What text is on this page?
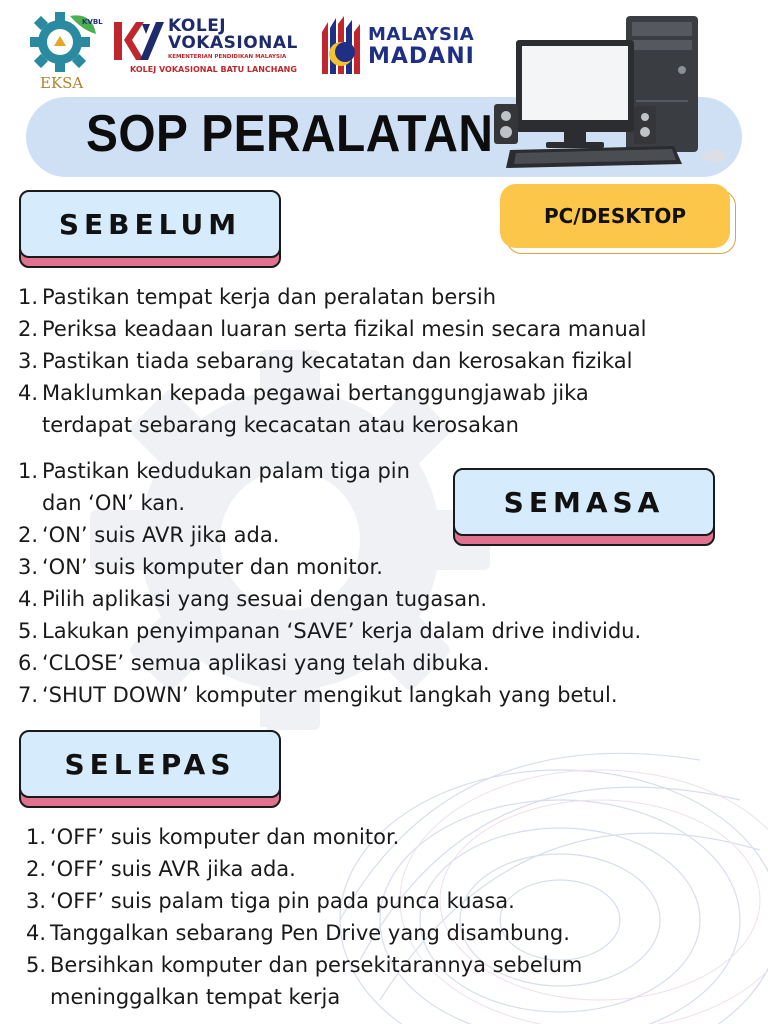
KVBL
EKSA
KOLEJ
VOKASIONAL
KEMENTERIAN PENDIDIKAN MALAYSIA
KOLEJ VOKASIONAL BATU LANCHANG
MALAYSIA
MADANI
SOP PERALATAN
SEBELUM	PC/DESKTOP
1. Pastikan tempat kerja dan peralatan bersih
2. Periksa keadaan luaran serta fizikal mesin secara manual
3. Pastikan tiada sebarang kecatatan dan kerosakan fizikal
4. Maklumkan kepada pegawai bertanggungjawab jika terdapat sebarang kecacatan atau kerosakan
SEMASA
1. Pastikan kedudukan palam tiga pin dan ‘ON’ kan.
2. ‘ON’ suis AVR jika ada.
3. ‘ON’ suis komputer dan monitor.
4. Pilih aplikasi yang sesuai dengan tugasan.
5. Lakukan penyimpanan ‘SAVE’ kerja dalam drive individu.
6. ‘CLOSE’ semua aplikasi yang telah dibuka.
7. ‘SHUT DOWN’ komputer mengikut langkah yang betul.
SELEPAS
1. ‘OFF’ suis komputer dan monitor.
2. ‘OFF’ suis AVR jika ada.
3. ‘OFF’ suis palam tiga pin pada punca kuasa.
4. Tanggalkan sebarang Pen Drive yang disambung.
5. Bersihkan komputer dan persekitarannya sebelum meninggalkan tempat kerja
